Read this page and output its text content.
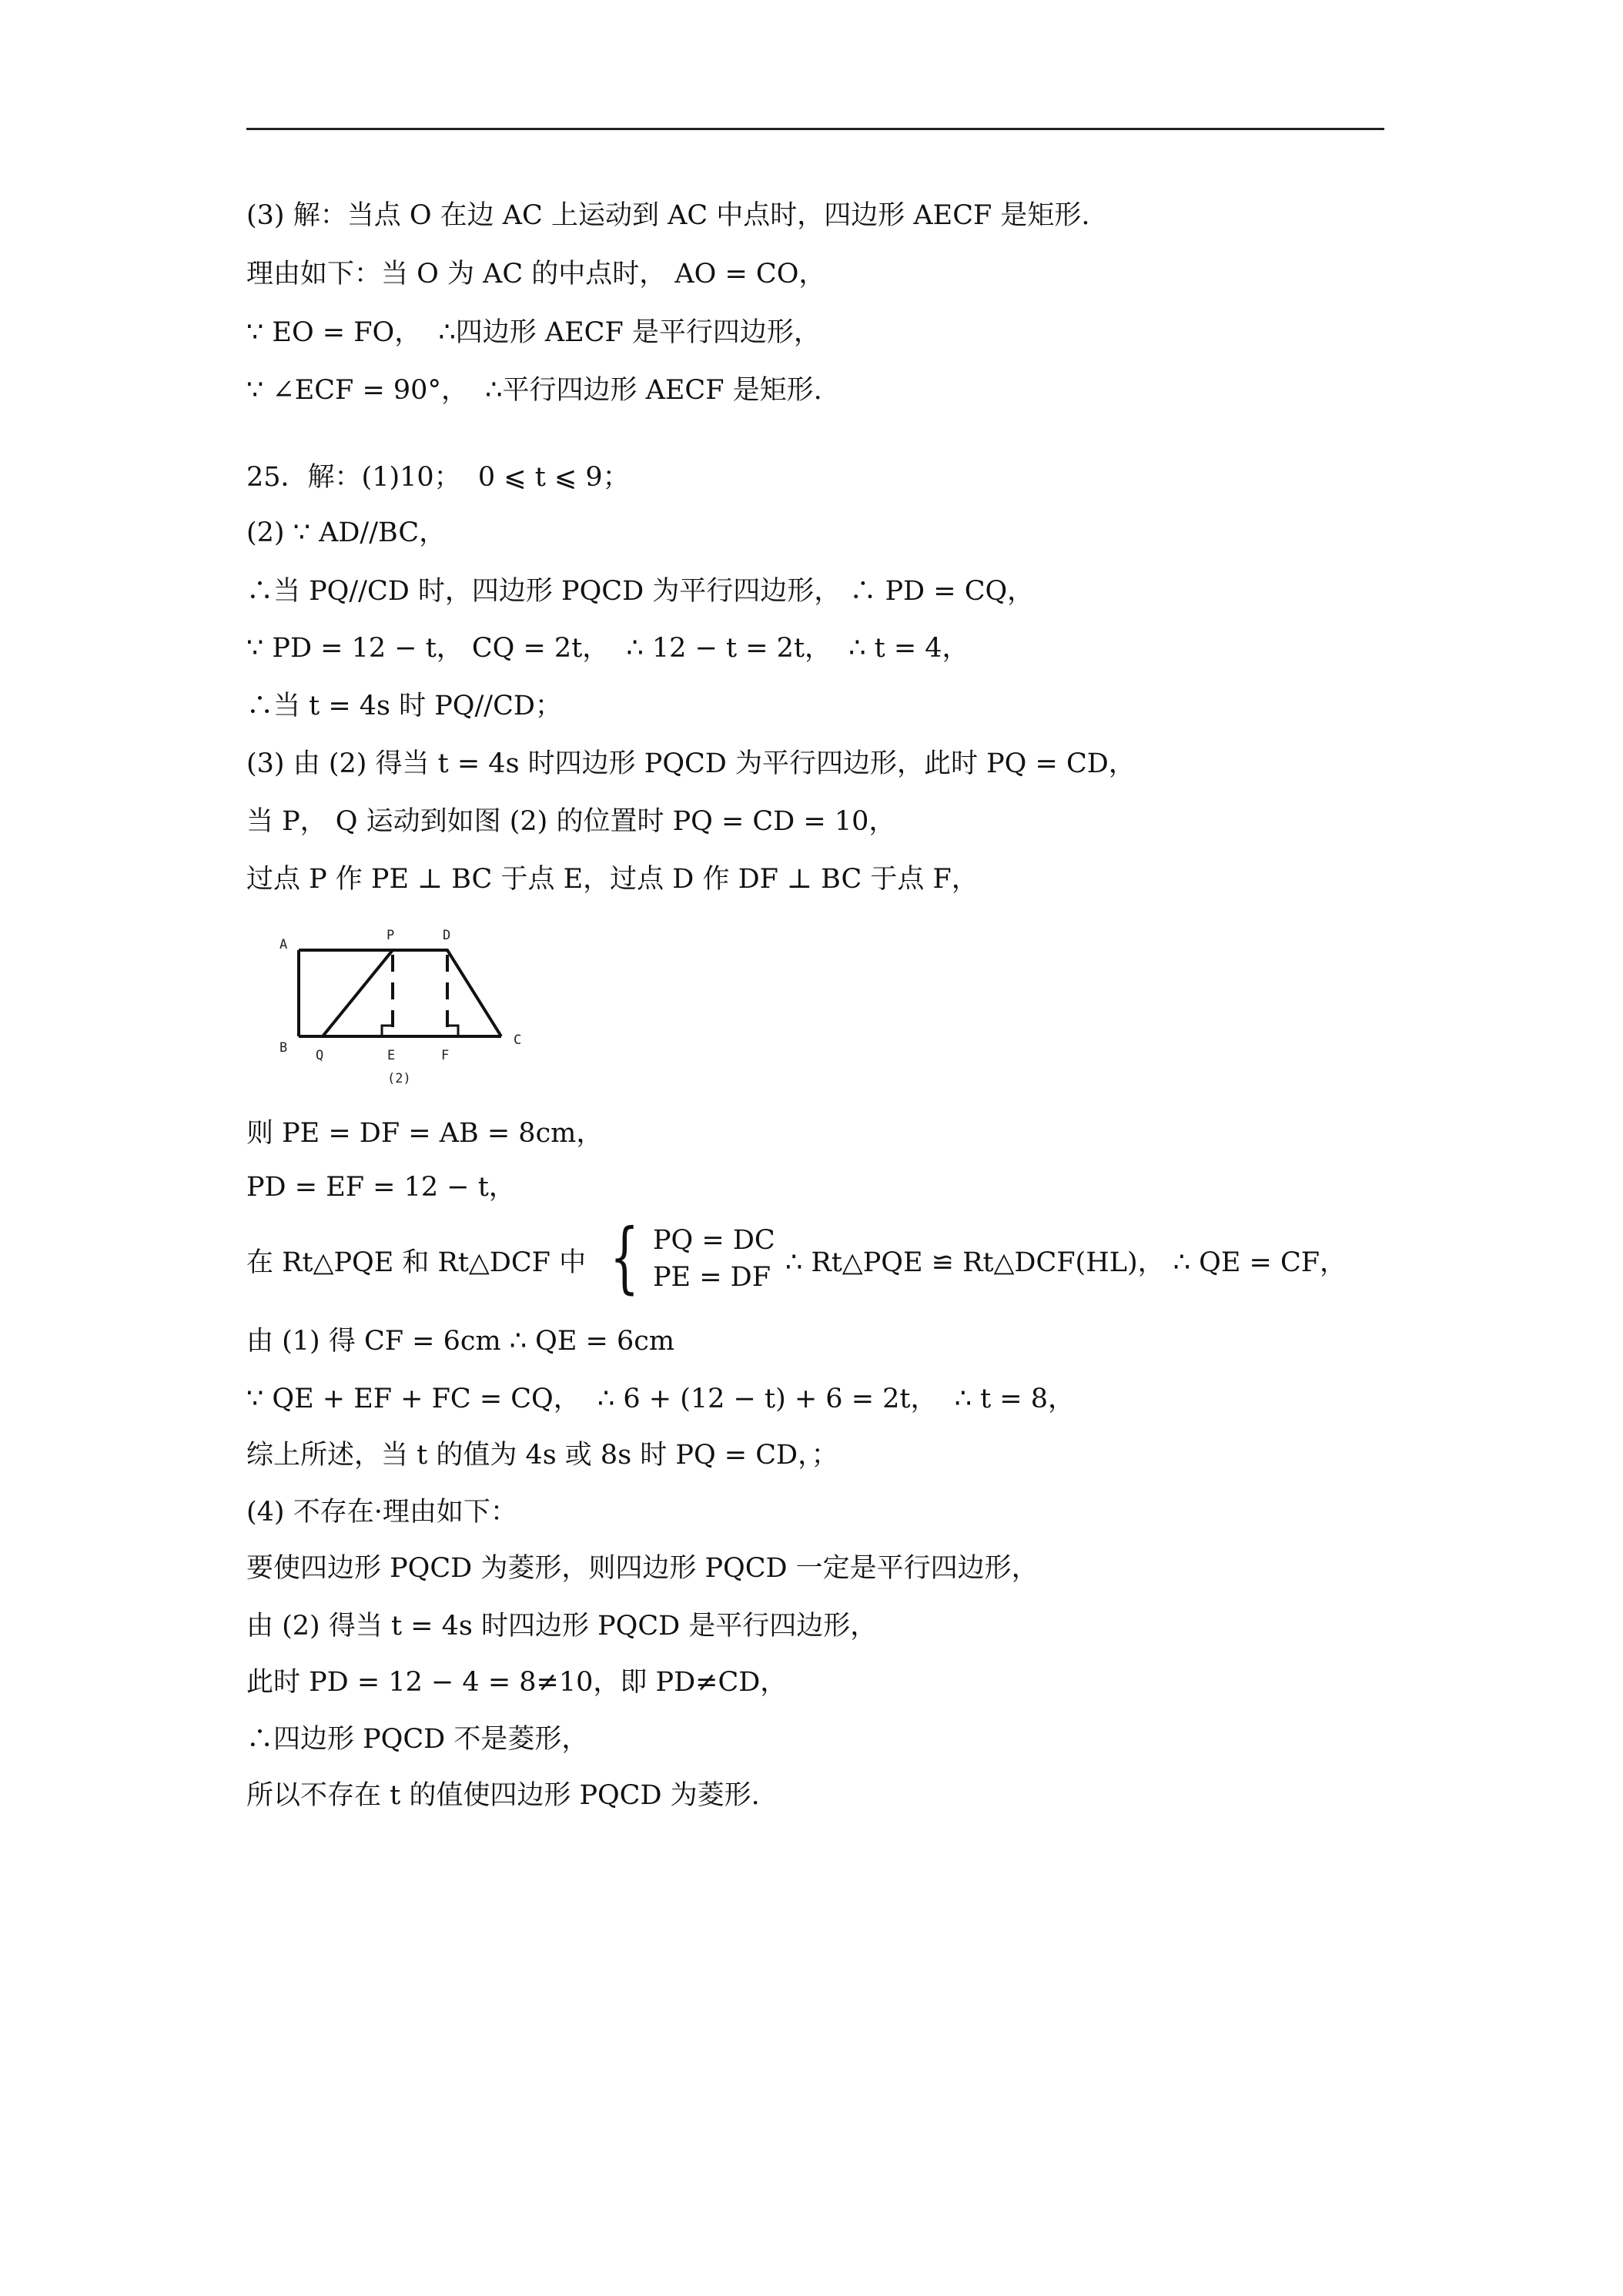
(3) 解：当点 O 在边 AC 上运动到 AC 中点时，四边形 AECF 是矩形.
理由如下：当 O 为 AC 的中点时， AO = CO，
∵ EO = FO，  ∴四边形 AECF 是平行四边形，
∵ ∠ECF = 90°，  ∴平行四边形 AECF 是矩形.
25．解：(1)10；  0 ⩽ t ⩽ 9；
(2) ∵ AD//BC，
∴当 PQ//CD 时，四边形 PQCD 为平行四边形， ∴ PD = CQ，
∵ PD = 12 − t， CQ = 2t，  ∴ 12 − t = 2t，  ∴ t = 4，
∴当 t = 4s 时 PQ//CD；
(3) 由 (2) 得当 t = 4s 时四边形 PQCD 为平行四边形，此时 PQ = CD，
当 P， Q 运动到如图 (2) 的位置时 PQ = CD = 10，
过点 P 作 PE ⊥ BC 于点 E，过点 D 作 DF ⊥ BC 于点 F，
A
P	D
B Q	E	F
C
(2)
则 PE = DF = AB = 8cm，
PD = EF = 12 − t，
在 Rt△PQE 和 Rt△DCF 中 { PQ = DC
PE = DF ∴ Rt△PQE ≌ Rt△DCF(HL)， ∴ QE = CF，
由 (1) 得 CF = 6cm ∴ QE = 6cm
∵ QE + EF + FC = CQ，  ∴ 6 + (12 − t) + 6 = 2t，  ∴ t = 8，
综上所述，当 t 的值为 4s 或 8s 时 PQ = CD，；
(4) 不存在·理由如下：
要使四边形 PQCD 为菱形，则四边形 PQCD 一定是平行四边形，
由 (2) 得当 t = 4s 时四边形 PQCD 是平行四边形，
此时 PD = 12 − 4 = 8≠10，即 PD≠CD，
∴四边形 PQCD 不是菱形，
所以不存在 t 的值使四边形 PQCD 为菱形.
